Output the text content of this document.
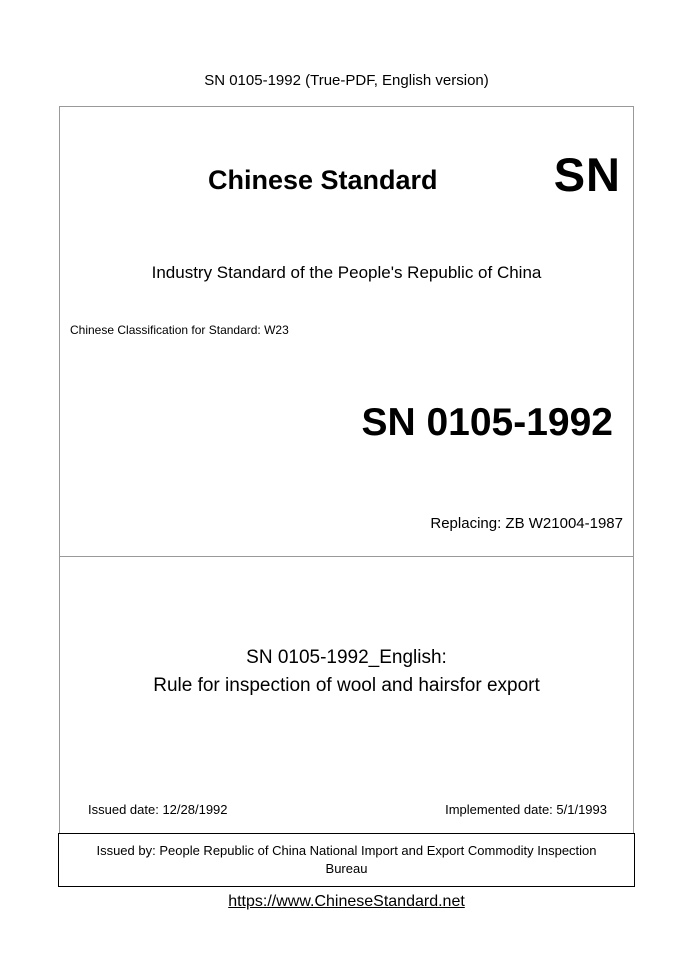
SN 0105-1992 (True-PDF, English version)
Chinese Standard SN
Industry Standard of the People's Republic of China
Chinese Classification for Standard: W23
SN 0105-1992
Replacing: ZB W21004-1987
SN 0105-1992_English:
Rule for inspection of wool and hairsfor export
Issued date: 12/28/1992	Implemented date: 5/1/1993
Issued by: People Republic of China National Import and Export Commodity Inspection
Bureau
https://www.ChineseStandard.net
